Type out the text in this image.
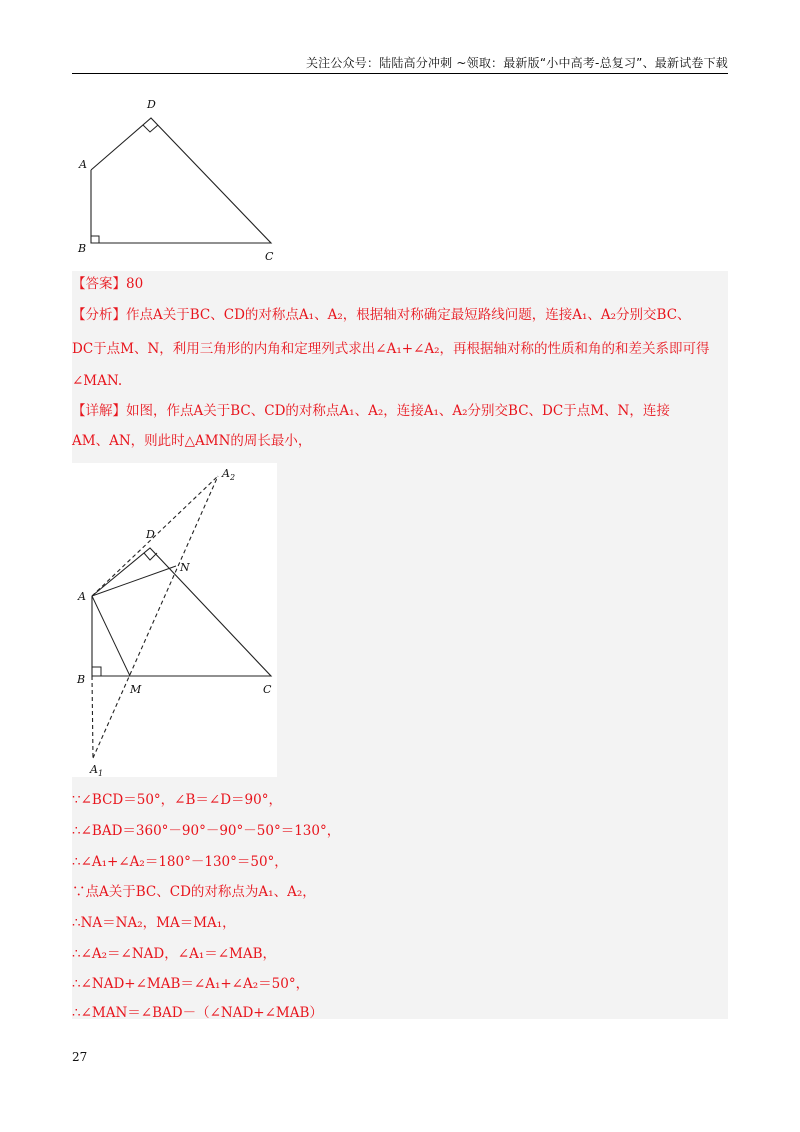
关注公众号：陆陆高分冲刺 ~领取：最新版“小中高考-总复习”、最新试卷下载
D
A
B
C
【答案】80
【分析】作点A关于BC、CD的对称点A₁、A₂，根据轴对称确定最短路线问题，连接A₁、A₂分别交BC、
DC于点M、N，利用三角形的内角和定理列式求出∠A₁+∠A₂，再根据轴对称的性质和角的和差关系即可得
∠MAN.
【详解】如图，作点A关于BC、CD的对称点A₁、A₂，连接A₁、A₂分别交BC、DC于点M、N，连接
AM、AN，则此时△AMN的周长最小，
$A_2$
D
N
A
B
M	C
$A_1$
∵∠BCD＝50°，∠B＝∠D＝90°，
∴∠BAD＝360°－90°－90°－50°＝130°，
∴∠A₁+∠A₂＝180°－130°＝50°，
∵点A关于BC、CD的对称点为A₁、A₂，
∴NA＝NA₂，MA＝MA₁，
∴∠A₂＝∠NAD，∠A₁＝∠MAB，
∴∠NAD+∠MAB＝∠A₁+∠A₂＝50°，
∴∠MAN＝∠BAD－（∠NAD+∠MAB）
27
